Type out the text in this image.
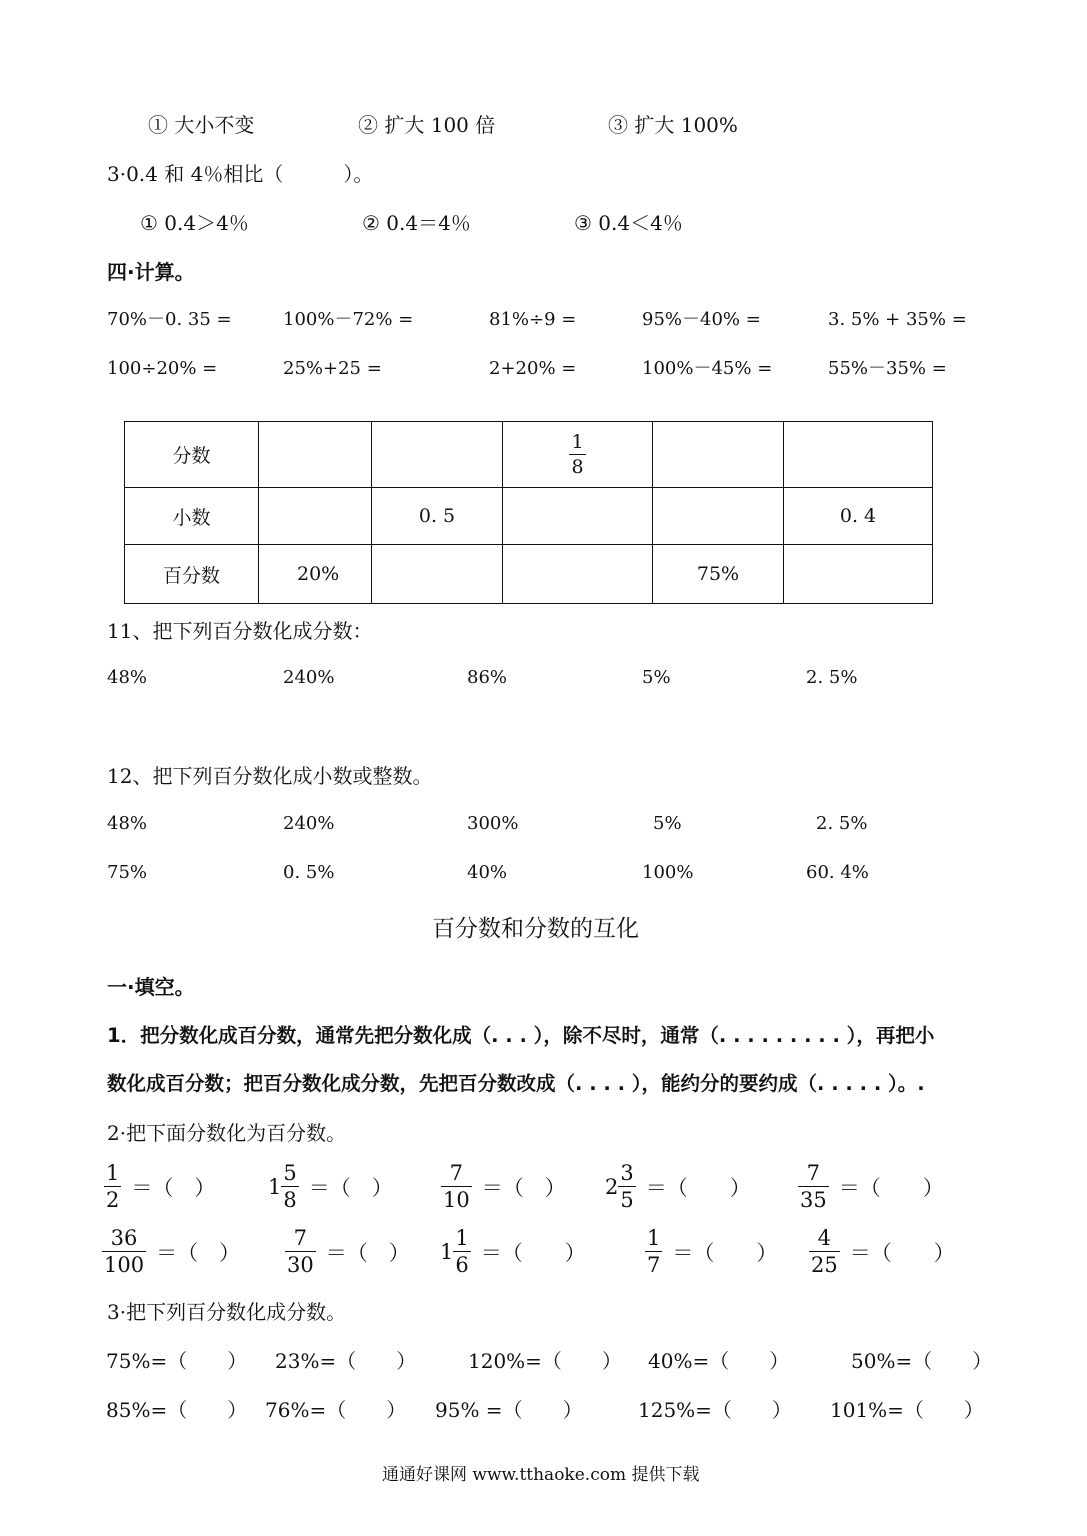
① 大小不变	② 扩大 100 倍	③ 扩大 100%
3·0.4 和 4％相比（　　　）。
① 0.4＞4％	② 0.4＝4％	③ 0.4＜4％
四·计算。
70%－0. 35 =	100%－72% =	81%÷9 =	95%－40% =	3. 5% + 35% =
100÷20% =	25%+25 =	2+20% =	100%－45% =	55%－35% =
分数			$\frac{1}{8}$

小数		0. 5			0. 4
百分数	20%			75%	
11、把下列百分数化成分数：
48%	240%	86%	5%	2. 5%
12、把下列百分数化成小数或整数。
48%	240%	300%	5%	2. 5%
75%	0. 5%	40%	100%	60. 4%
百分数和分数的互化
一·填空。
1．把分数化成百分数，通常先把分数化成（. . . ），除不尽时，通常（. . . . . . . . . ），再把小
数化成百分数；把百分数化成分数，先把百分数改成（. . . . ），能约分的要约成（. . . . . ）。.
2·把下面分数化为百分数。
$\frac{1}{2}$ ＝（　）	$1 \frac{5}{8}$ ＝（　） $\frac{7}{10}$ ＝（　） $2 \frac{3}{5}$ ＝（　　） $\frac{7}{35}$ ＝（　　）
$\frac{36}{100}$ ＝（　） $\frac{7}{30}$ ＝（　） $1 \frac{1}{6}$ ＝（　　）	$\frac{1}{7}$ ＝（　　） $\frac{4}{25}$ ＝（　　）
3·把下列百分数化成分数。
75%=（　　） 23%=（　　）	120%=（　　） 40%=（　　）	50%=（　　）
85%=（　　） 76%=（　　） 95% =（　　）	125%=（　　） 101%=（　　）
通通好课网 www.tthaoke.com 提供下载
